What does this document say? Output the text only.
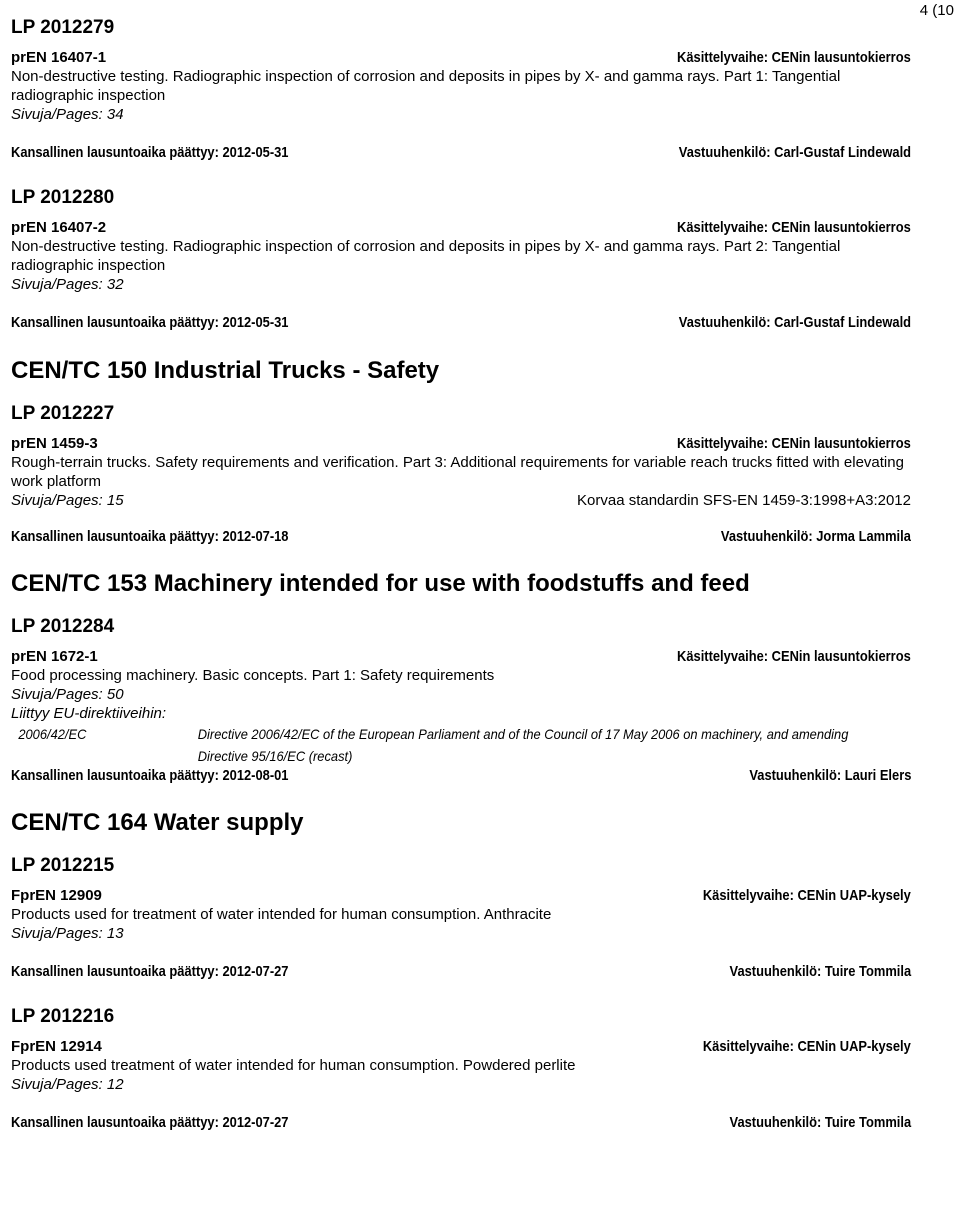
4 (10

LP 2012279

prEN 16407-1	Käsittelyvaihe: CENin lausuntokierros
Non-destructive testing. Radiographic inspection of corrosion and deposits in pipes by X- and gamma rays. Part 1: Tangential radiographic inspection
Sivuja/Pages: 34
Kansallinen lausuntoaika päättyy: 2012-05-31	Vastuuhenkilö: Carl-Gustaf Lindewald

LP 2012280

prEN 16407-2	Käsittelyvaihe: CENin lausuntokierros
Non-destructive testing. Radiographic inspection of corrosion and deposits in pipes by X- and gamma rays. Part 2: Tangential radiographic inspection
Sivuja/Pages: 32
Kansallinen lausuntoaika päättyy: 2012-05-31	Vastuuhenkilö: Carl-Gustaf Lindewald
CEN/TC 150 Industrial Trucks - Safety

LP 2012227

prEN 1459-3	Käsittelyvaihe: CENin lausuntokierros
Rough-terrain trucks. Safety requirements and verification. Part 3: Additional requirements for variable reach trucks fitted with elevating work platform
Sivuja/Pages: 15	Korvaa standardin SFS-EN 1459-3:1998+A3:2012
Kansallinen lausuntoaika päättyy: 2012-07-18	Vastuuhenkilö: Jorma Lammila
CEN/TC 153 Machinery intended for use with foodstuffs and feed

LP 2012284

prEN 1672-1	Käsittelyvaihe: CENin lausuntokierros
Food processing machinery. Basic concepts. Part 1: Safety requirements
Sivuja/Pages: 50
Liittyy EU-direktiiveihin:
2006/42/EC	Directive 2006/42/EC of the European Parliament and of the Council of 17 May 2006 on machinery, and amending Directive 95/16/EC (recast)
Kansallinen lausuntoaika päättyy: 2012-08-01	Vastuuhenkilö: Lauri Elers
CEN/TC 164 Water supply

LP 2012215

FprEN 12909	Käsittelyvaihe: CENin UAP-kysely
Products used for treatment of water intended for human consumption. Anthracite
Sivuja/Pages: 13
Kansallinen lausuntoaika päättyy: 2012-07-27	Vastuuhenkilö: Tuire Tommila

LP 2012216

FprEN 12914	Käsittelyvaihe: CENin UAP-kysely
Products used treatment of water intended for human consumption. Powdered perlite
Sivuja/Pages: 12
Kansallinen lausuntoaika päättyy: 2012-07-27	Vastuuhenkilö: Tuire Tommila
